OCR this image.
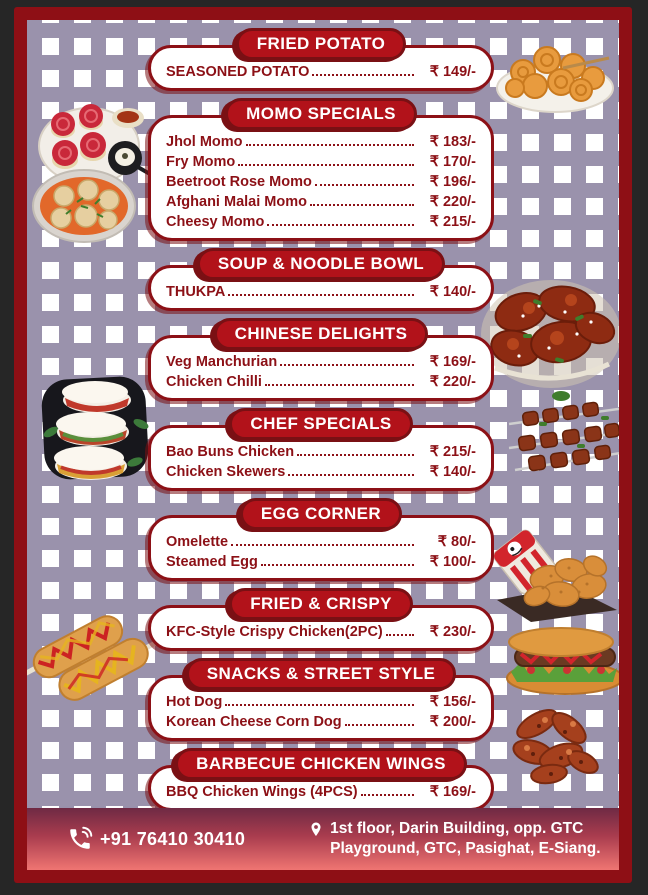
FRIED POTATO
SEASONED POTATO	₹ 149/-
MOMO SPECIALS
Jhol Momo	₹ 183/-
Fry Momo	₹ 170/-
Beetroot Rose Momo	₹ 196/-
Afghani Malai Momo	₹ 220/-
Cheesy Momo	₹ 215/-
SOUP & NOODLE BOWL
THUKPA	₹ 140/-
CHINESE DELIGHTS
Veg Manchurian	₹ 169/-
Chicken Chilli	₹ 220/-
CHEF SPECIALS
Bao Buns Chicken	₹ 215/-
Chicken Skewers	₹ 140/-
EGG CORNER
Omelette	₹ 80/-
Steamed Egg	₹ 100/-
FRIED & CRISPY
KFC-Style Crispy Chicken(2PC)	₹ 230/-
SNACKS & STREET STYLE
Hot Dog	₹ 156/-
Korean Cheese Corn Dog	₹ 200/-
BARBECUE CHICKEN WINGS
BBQ Chicken Wings (4PCS)	₹ 169/-
+91 76410 30410
1st floor, Darin Building, opp. GTC
Playground, GTC, Pasighat, E-Siang.
